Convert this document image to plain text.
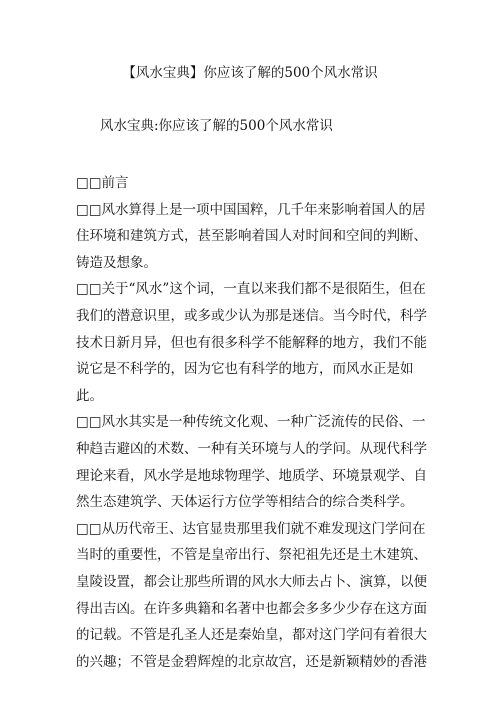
【风水宝典】你应该了解的500个风水常识
风水宝典:你应该了解的500个风水常识

□□前言

□□风水算得上是一项中国国粹，几千年来影响着国人的居住环境和建筑方式，甚至影响着国人对时间和空间的判断、铸造及想象。

□□关于“风水”这个词，一直以来我们都不是很陌生，但在我们的潜意识里，或多或少认为那是迷信。当今时代，科学技术日新月异，但也有很多科学不能解释的地方，我们不能说它是不科学的，因为它也有科学的地方，而风水正是如此。

□□风水其实是一种传统文化观、一种广泛流传的民俗、一种趋吉避凶的术数、一种有关环境与人的学问。从现代科学理论来看，风水学是地球物理学、地质学、环境景观学、自然生态建筑学、天体运行方位学等相结合的综合类科学。

□□从历代帝王、达官显贵那里我们就不难发现这门学问在当时的重要性，不管是皇帝出行、祭祀祖先还是土木建筑、皇陵设置，都会让那些所谓的风水大师去占卜、演算，以便得出吉凶。在许多典籍和名著中也都会多多少少存在这方面的记载。不管是孔圣人还是秦始皇，都对这门学问有着很大的兴趣；不管是金碧辉煌的北京故宫，还是新颖精妙的香港
